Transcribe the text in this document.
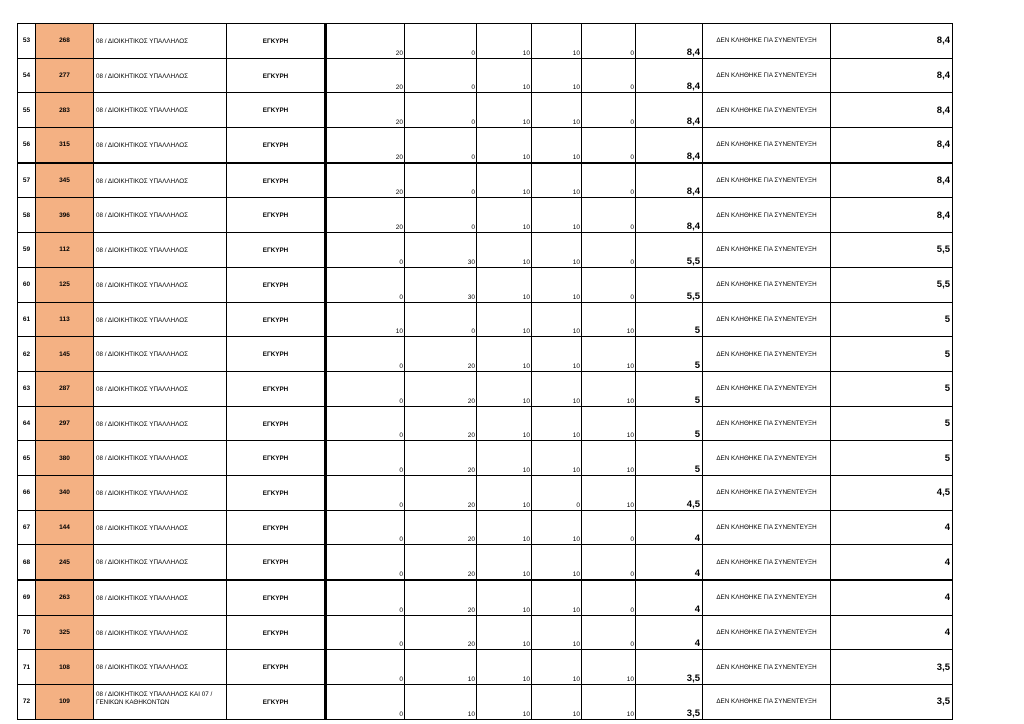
53	268	08 / ΔΙΟΙΚΗΤΙΚΟΣ ΥΠΑΛΛΗΛΟΣ	ΕΓΚΥΡΗ	20	0	10	10	0	8,4	ΔΕΝ ΚΛΗΘΗΚΕ ΓΙΑ ΣΥΝΕΝΤΕΥΞΗ	8,4
54	277	08 / ΔΙΟΙΚΗΤΙΚΟΣ ΥΠΑΛΛΗΛΟΣ	ΕΓΚΥΡΗ	20	0	10	10	0	8,4	ΔΕΝ ΚΛΗΘΗΚΕ ΓΙΑ ΣΥΝΕΝΤΕΥΞΗ	8,4
55	283	08 / ΔΙΟΙΚΗΤΙΚΟΣ ΥΠΑΛΛΗΛΟΣ	ΕΓΚΥΡΗ	20	0	10	10	0	8,4	ΔΕΝ ΚΛΗΘΗΚΕ ΓΙΑ ΣΥΝΕΝΤΕΥΞΗ	8,4
56	315	08 / ΔΙΟΙΚΗΤΙΚΟΣ ΥΠΑΛΛΗΛΟΣ	ΕΓΚΥΡΗ	20	0	10	10	0	8,4	ΔΕΝ ΚΛΗΘΗΚΕ ΓΙΑ ΣΥΝΕΝΤΕΥΞΗ	8,4
57	345	08 / ΔΙΟΙΚΗΤΙΚΟΣ ΥΠΑΛΛΗΛΟΣ	ΕΓΚΥΡΗ	20	0	10	10	0	8,4	ΔΕΝ ΚΛΗΘΗΚΕ ΓΙΑ ΣΥΝΕΝΤΕΥΞΗ	8,4
58	396	08 / ΔΙΟΙΚΗΤΙΚΟΣ ΥΠΑΛΛΗΛΟΣ	ΕΓΚΥΡΗ	20	0	10	10	0	8,4	ΔΕΝ ΚΛΗΘΗΚΕ ΓΙΑ ΣΥΝΕΝΤΕΥΞΗ	8,4
59	112	08 / ΔΙΟΙΚΗΤΙΚΟΣ ΥΠΑΛΛΗΛΟΣ	ΕΓΚΥΡΗ	0	30	10	10	0	5,5	ΔΕΝ ΚΛΗΘΗΚΕ ΓΙΑ ΣΥΝΕΝΤΕΥΞΗ	5,5
60	125	08 / ΔΙΟΙΚΗΤΙΚΟΣ ΥΠΑΛΛΗΛΟΣ	ΕΓΚΥΡΗ	0	30	10	10	0	5,5	ΔΕΝ ΚΛΗΘΗΚΕ ΓΙΑ ΣΥΝΕΝΤΕΥΞΗ	5,5
61	113	08 / ΔΙΟΙΚΗΤΙΚΟΣ ΥΠΑΛΛΗΛΟΣ	ΕΓΚΥΡΗ	10	0	10	10	10	5	ΔΕΝ ΚΛΗΘΗΚΕ ΓΙΑ ΣΥΝΕΝΤΕΥΞΗ	5
62	145	08 / ΔΙΟΙΚΗΤΙΚΟΣ ΥΠΑΛΛΗΛΟΣ	ΕΓΚΥΡΗ	0	20	10	10	10	5	ΔΕΝ ΚΛΗΘΗΚΕ ΓΙΑ ΣΥΝΕΝΤΕΥΞΗ	5
63	287	08 / ΔΙΟΙΚΗΤΙΚΟΣ ΥΠΑΛΛΗΛΟΣ	ΕΓΚΥΡΗ	0	20	10	10	10	5	ΔΕΝ ΚΛΗΘΗΚΕ ΓΙΑ ΣΥΝΕΝΤΕΥΞΗ	5
64	297	08 / ΔΙΟΙΚΗΤΙΚΟΣ ΥΠΑΛΛΗΛΟΣ	ΕΓΚΥΡΗ	0	20	10	10	10	5	ΔΕΝ ΚΛΗΘΗΚΕ ΓΙΑ ΣΥΝΕΝΤΕΥΞΗ	5
65	380	08 / ΔΙΟΙΚΗΤΙΚΟΣ ΥΠΑΛΛΗΛΟΣ	ΕΓΚΥΡΗ	0	20	10	10	10	5	ΔΕΝ ΚΛΗΘΗΚΕ ΓΙΑ ΣΥΝΕΝΤΕΥΞΗ	5
66	340	08 / ΔΙΟΙΚΗΤΙΚΟΣ ΥΠΑΛΛΗΛΟΣ	ΕΓΚΥΡΗ	0	20	10	0	10	4,5	ΔΕΝ ΚΛΗΘΗΚΕ ΓΙΑ ΣΥΝΕΝΤΕΥΞΗ	4,5
67	144	08 / ΔΙΟΙΚΗΤΙΚΟΣ ΥΠΑΛΛΗΛΟΣ	ΕΓΚΥΡΗ	0	20	10	10	0	4	ΔΕΝ ΚΛΗΘΗΚΕ ΓΙΑ ΣΥΝΕΝΤΕΥΞΗ	4
68	245	08 / ΔΙΟΙΚΗΤΙΚΟΣ ΥΠΑΛΛΗΛΟΣ	ΕΓΚΥΡΗ	0	20	10	10	0	4	ΔΕΝ ΚΛΗΘΗΚΕ ΓΙΑ ΣΥΝΕΝΤΕΥΞΗ	4
69	263	08 / ΔΙΟΙΚΗΤΙΚΟΣ ΥΠΑΛΛΗΛΟΣ	ΕΓΚΥΡΗ	0	20	10	10	0	4	ΔΕΝ ΚΛΗΘΗΚΕ ΓΙΑ ΣΥΝΕΝΤΕΥΞΗ	4
70	325	08 / ΔΙΟΙΚΗΤΙΚΟΣ ΥΠΑΛΛΗΛΟΣ	ΕΓΚΥΡΗ	0	20	10	10	0	4	ΔΕΝ ΚΛΗΘΗΚΕ ΓΙΑ ΣΥΝΕΝΤΕΥΞΗ	4
71	108	08 / ΔΙΟΙΚΗΤΙΚΟΣ ΥΠΑΛΛΗΛΟΣ	ΕΓΚΥΡΗ	0	10	10	10	10	3,5	ΔΕΝ ΚΛΗΘΗΚΕ ΓΙΑ ΣΥΝΕΝΤΕΥΞΗ	3,5
72	109	08 / ΔΙΟΙΚΗΤΙΚΟΣ ΥΠΑΛΛΗΛΟΣ ΚΑΙ 07 /ΓΕΝΙΚΩΝ ΚΑΘΗΚΟΝΤΩΝ	ΕΓΚΥΡΗ	0	10	10	10	10	3,5	ΔΕΝ ΚΛΗΘΗΚΕ ΓΙΑ ΣΥΝΕΝΤΕΥΞΗ	3,5
